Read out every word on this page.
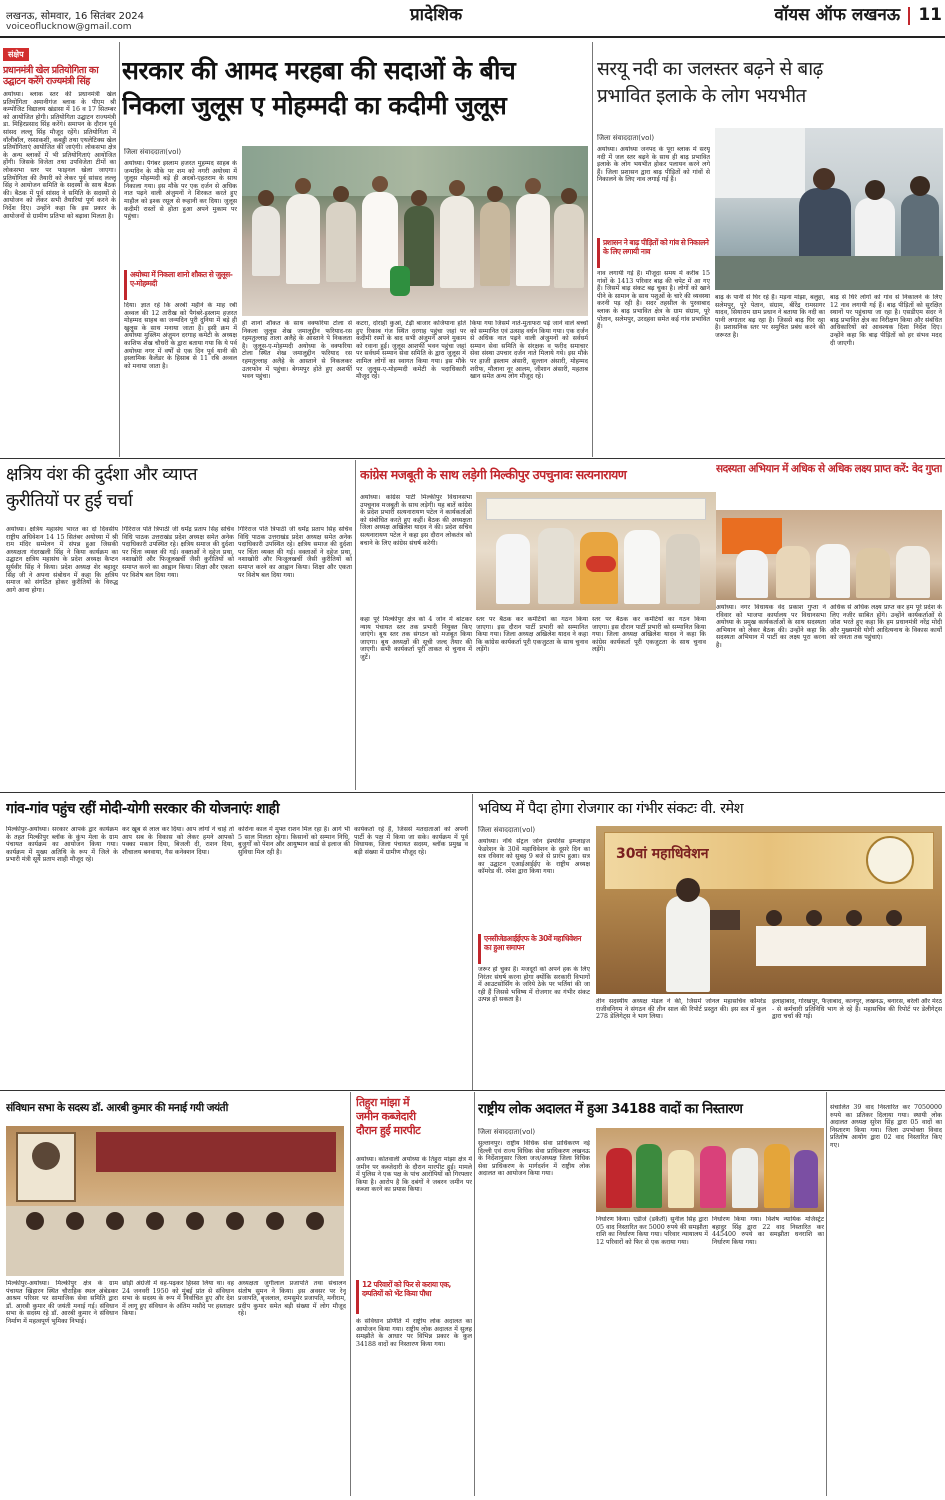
लखनऊ, सोमवार, 16 सितंबर 2024
voiceoflucknow@gmail.com
प्रादेशिक	वॉयस ऑफ लखनऊ 11
संक्षेप
प्रधानमंत्री खेल प्रतियोगिता का उद्घाटन करेंगे राज्यमंत्री सिंह
अयोध्या। ब्लाक स्तर की प्रधानमंत्री खेल प्रतियोगिता अमानीगंज ब्लाक के पीएम श्री कम्पोजिट विद्यालय खंडासा में 16 व 17 सितम्बर को आयोजित होगी। प्रतियोगिता उद्घाटन राज्यमंत्री डा. मिहिरप्रसाद सिंह करेंगे। समापन के दौरान पूर्व सांसद लल्लू सिंह मौजूद रहेंगे। प्रतियोगिता में वॉलीबॉल, रस्साकशी, कबड्डी तथा एथलेटिक्स खेल प्रतियोगिताएं आयोजित की जाएंगी। लोकसभा क्षेत्र के अन्य ब्लाकों में भी प्रतियोगिताएं आयोजित होंगी। जिसके विजेता तथा उपविजेता टीमों का लोकसभा स्तर पर फाइनल खेला जाएगा। प्रतियोगिता की तैयारी को लेकर पूर्व सांसद लल्लू सिंह ने आयोजन समिति के सदस्यों के साथ बैठक की। बैठक में पूर्व सांसद ने समिति के सदस्यों से आयोजन को लेकर सभी तैयारियां पूर्ण करने के निर्देश दिए। उन्होंने कहा कि इस प्रकार के आयोजनों से ग्रामीण प्रतिभा को बढ़ावा मिलता है।
सरकार की आमद मरहबा की सदाओं के बीच
निकला जुलूस ए मोहम्मदी का कदीमी जुलूस
जिला संवाददाता(vol)
अयोध्या। पैगंबर इस्लाम हजरत मुहम्मद साहब के जन्मदिन के मौके पर शम को नगरी अयोध्या में जुलूस मोहम्मदी बड़े ही अदबो-एहतराम के साथ निकाला गया। इस मौके पर एक दर्जन से अधिक नात पढ़ने वाली अंजुमनों ने शिरकत करते हुए माहौल को इश्क रसूल से रूहानी कर दिया। जुलूस कदीमी रास्तों से होता हुआ अपने मुकाम पर पहुंचा।
अयोध्या में निकला शानो शौकत से जुलूस-ए-मोहम्मदी
दिया। ज्ञात रहे कि अरबी महीने के माह रबी अव्वल की 12 तारीख को पैगंबरे-इस्लाम हजरत मोहम्मद साहब का जन्मदिन पूरी दुनिया में बड़े ही खुलूस के साथ मनाया जाता है। इसी क्रम में अयोध्या मुस्लिम अंजुमन दरगाह कमेटी के अध्यक्ष काशिफ शेख चौधरी के द्वारा बताया गया कि ये पर्व अयोध्या नगर में वर्षों से एक दिन पूर्व यानी की इस्लामिक कैलेंडर के हिसाब से 11 रबि अव्वल को मनाया जाता है।
ही शानो शौकत के साथ वक्फरिया टोला से निकला जुलूस शेख जमालुद्दीन फरियाद-रस रहमतुल्लाह ताला अलैहे के आस्ताने पे निकलता है। जुलूस-ए-मोहम्मदी अयोध्या के वक्फरिया टोला स्थित शेख जमालुद्दीन फरियाद रस रहमतुल्लाह अलैहे के आस्ताने से निकलकर उतरफोन में पहुंचा। बेगमपुर होते हुए अशर्फी भवन पहुंचा।
कटरा, दोराही कुआं, टेढ़ी बाजार कजियाना होते हुए रिकाब गंज स्थित दरगाह पहुंचा जहां पर कदीमी रस्मों के बाद सभी अंजुमनें अपने मुकाम को रवाना हुईं। जुलूस आशर्फी भवन पहुंचा जहां पर सर्वधर्म सम्मान सेवा समिति के द्वारा जुलूस में शामिल लोगों का स्वागत किया गया। इस मौके पर जुलूस-ए-मोहम्मदी कमेटी के पदाधिकारी मौजूद रहे।
किया गया जिसमें नाते-मुताफरा पढ़े जाने वाले बच्चों को सम्मानित एवं उत्साह वर्धन किया गया। एक दर्जन से अधिक नात पढ़ने वाली अंजुमनों को सर्वधर्म सम्मान सेवा समिति के संरक्षक व फरीद समाचार सेवा संस्था उपचार दर्जन नाते मिलाये गये। इस मौके पर हाजी इस्लाम अंसारी, सुल्तान अंसारी, मोहम्मद शरीफ, मौलाना नूर आलम, जीशान अंसारी, महताब खान समेत अन्य लोग मौजूद रहे।
सरयू नदी का जलस्तर बढ़ने से बाढ़
प्रभावित इलाके के लोग भयभीत
जिला संवाददाता(vol)
अयोध्या। अयोध्या जनपद के पूरा ब्लाक में सरयू नदी में जल स्तर बढ़ने के साथ ही बाढ़ प्रभावित इलाके के लोग भयभीत होकर पलायन करने लगे हैं। जिला प्रशासन द्वारा बाढ़ पीड़ितों को गांवों से निकालने के लिए नाव लगाई गई है।
प्रशासन ने बाढ़ पीड़ितों को गांव से निकालने के लिए लगायी नाव
नाव लगायी गई है। मौजूदा समय में करीब 15 गांवों के 1413 परिवार बाढ़ की चपेट में आ गए हैं। जिसमें बाढ़ संकट बढ़ चुका है। लोगों को खाने पीने के सामान के साथ पशुओं के चारे की व्यवस्था करनी पड़ रही है। सदर तहसील के पुरवाबाद ब्लाक के बाढ़ प्रभावित क्षेत्र के ग्राम संग्राम, पूरे पोतान, सलेमपुर, उरदहवा समेत कई गांव प्रभावित हैं।
बाढ़ के पानी से घिर रहे हैं। मड़ना मांझा, बलुहा, सलेमपुर, पूरे पेतान, संग्राम, बीरेंद्र रामसागर यादव, सियाराम ग्राम प्रधान ने बताया कि नदी का पानी लगातार बढ़ रहा है। जिससे बाढ़ घिर रहा है। प्रशासनिक स्तर पर समुचित प्रबंध करने की जरूरत है।
बाढ़ से घिरे लोगों को गांव से निकालने के लिए 12 नाव लगायी गई हैं। बाढ़ पीड़ितों को सुरक्षित स्थानों पर पहुंचाया जा रहा है। एसडीएम सदर ने बाढ़ प्रभावित क्षेत्र का निरीक्षण किया और संबंधित अधिकारियों को आवश्यक दिशा निर्देश दिए। उन्होंने कहा कि बाढ़ पीड़ितों को हर संभव मदद दी जाएगी।
क्षत्रिय वंश की दुर्दशा और व्याप्त
कुरीतियों पर हुई चर्चा
अयोध्या। क्षत्रिय महासंघ भारत का दो दिवसीय राष्ट्रीय अधिवेशन 14 15 सितंबर अयोध्या में श्री राम मंदिर सम्मेलन में संपन्न हुआ जिसकी अध्यक्षता गंदरखली सिंह ने किया कार्यक्रम का उद्घाटन क्षत्रिय महासंघ के प्रदेश अध्यक्ष कैप्टन सूर्यवीर सिंह ने किया। प्रदेश अध्यक्ष शेर बहादुर सिंह जी ने अपना संबोधन में कहा कि क्षत्रिय समाज को संगठित होकर कुरीतियों के विरुद्ध आगे आना होगा।
गिरिराज पति त्रिपाठी जी धर्मेंद्र प्रताप सिंह सचिव विधि पाठक उत्तराखंड प्रदेश अध्यक्ष समेत अनेक पदाधिकारी उपस्थित रहे। क्षत्रिय समाज की दुर्दशा पर चिंता व्यक्त की गई। वक्ताओं ने दहेज प्रथा, नशाखोरी और फिजूलखर्ची जैसी कुरीतियों को समाप्त करने का आह्वान किया। शिक्षा और एकता पर विशेष बल दिया गया।
गिरिराज पति त्रिपाठी जी धर्मेंद्र प्रताप सिंह सचिव विधि पाठक उत्तराखंड प्रदेश अध्यक्ष समेत अनेक पदाधिकारी उपस्थित रहे। क्षत्रिय समाज की दुर्दशा पर चिंता व्यक्त की गई। वक्ताओं ने दहेज प्रथा, नशाखोरी और फिजूलखर्ची जैसी कुरीतियों को समाप्त करने का आह्वान किया। शिक्षा और एकता पर विशेष बल दिया गया।
कांग्रेस मजबूती के साथ लड़ेगी मिल्कीपुर उपचुनावः सत्यनारायण
अयोध्या। कांग्रेस पार्टी मिल्कीपुर विधानसभा उपचुनाव मजबूती के साथ लड़ेगी। यह बातें कांग्रेस के प्रदेश प्रभारी सत्यनारायण पटेल ने कार्यकर्ताओं को संबोधित करते हुए कहीं। बैठक की अध्यक्षता जिला अध्यक्ष अखिलेश यादव ने की। प्रदेश सचिव सत्यनारायण पटेल ने कहा इस दौरान लोकतंत्र को बचाने के लिए कांग्रेस संघर्ष करेगी।
कहा पूरे मिल्कीपुर क्षेत्र को 4 जोन में बांटकर न्याय पंचायत स्तर तक प्रभारी नियुक्त किए जाएंगे। बूथ स्तर तक संगठन को मजबूत किया जाएगा। बूथ अध्यक्षों की सूची जल्द तैयार की जाएगी। सभी कार्यकर्ता पूरी ताकत से चुनाव में जुटें।
स्तर पर बैठक कर कमेटियों का गठन किया जाएगा। इस दौरान पार्टी प्रभारी को सम्मानित किया गया। जिला अध्यक्ष अखिलेश यादव ने कहा कि कांग्रेस कार्यकर्ता पूरी एकजुटता के साथ चुनाव लड़ेंगे।
स्तर पर बैठक कर कमेटियों का गठन किया जाएगा। इस दौरान पार्टी प्रभारी को सम्मानित किया गया। जिला अध्यक्ष अखिलेश यादव ने कहा कि कांग्रेस कार्यकर्ता पूरी एकजुटता के साथ चुनाव लड़ेंगे।
सदस्यता अभियान में अधिक से अधिक लक्ष्य प्राप्त करें: वेद गुप्ता
अयोध्या। नगर विधायक वेद प्रकाश गुप्ता ने रविवार को भाजपा कार्यालय पर विधानसभा अयोध्या के प्रमुख कार्यकर्ताओं के साथ सदस्यता अभियान को लेकर बैठक की। उन्होंने कहा कि सदस्यता अभियान में पार्टी का लक्ष्य पूरा करना है।
अधिक से अधिक लक्ष्य प्राप्त कर हम पूरे प्रदेश के लिए नजीर साबित होंगे। उन्होंने कार्यकर्ताओं से जोश भरते हुए कहा कि हम प्रधानमंत्री नरेंद्र मोदी और मुख्यमंत्री योगी आदित्यनाथ के विकास कार्यों को जनता तक पहुंचाएं।
गांव-गांव पहुंच रहीं मोदी-योगी सरकार की योजनाएंः शाही
मिल्कीपुर-अयोध्या। सरकार आपके द्वार कार्यक्रम के तहत मिल्कीपुर ब्लॉक के कुंभ मेला के ग्राम पंचायत कार्यक्रम का आयोजन किया गया। कार्यक्रम में मुख्य अतिथि के रूप में जिले के प्रभारी मंत्री सूर्य प्रताप शाही मौजूद रहे।
कर खूब से लाल कर दिया। आप लोगों ने चाहे तो आप सब के विकास को लेकर हमने आपको पक्का मकान दिया, बिजली दी, राशन दिया, शौचालय बनवाया, गैस कनेक्शन दिया।
कोरोना काल में मुफ्त राशन मिल रहा है। आगे भी 5 साल मिलता रहेगा। किसानों को सम्मान निधि, बुजुर्गों को पेंशन और आयुष्मान कार्ड से इलाज की सुविधा मिल रही है।
कार्यकर्ता रहे हैं, जिससे मतदाताओं को अपनी पार्टी के पक्ष में किया जा सके। कार्यक्रम में पूर्व विधायक, जिला पंचायत सदस्य, ब्लॉक प्रमुख व बड़ी संख्या में ग्रामीण मौजूद रहे।
भविष्य में पैदा होगा रोजगार का गंभीर संकटः वी. रमेश
जिला संवाददाता(vol)
अयोध्या। नॉर्थ सेंट्रल जोन इंश्योरेंस इम्प्लाइज फेडरेशन के 30वें महाधिवेशन के दूसरे दिन का सत्र रविवार को सुबह 9 बजे से प्रारंभ हुआ। सत्र का उद्घाटन एआईआईईए के राष्ट्रीय अध्यक्ष कॉमरेड वी. रमेश द्वारा किया गया।
एनसीजेडआईईएफ के 30वें महाधिवेशन का हुआ समापन
जरूर हो चुका है। मजदूरों को अपने हक के लिए निरंतर संघर्ष करना होगा क्योंकि सरकारी विभागों में आउटसोर्सिंग के जरिये ठेके पर भर्तियां की जा रही हैं जिससे भविष्य में रोजगार का गंभीर संकट उत्पन्न हो सकता है।
30वां महाधिवेशन
तीन सदस्यीय अध्यक्ष मंडल ने की, जिसमें जोनल महासचिव कॉमरेड राजीवनिगम ने संगठन की तीन साल की रिपोर्ट प्रस्तुत की। इस सत्र में कुल 278 डेलिगेट्स ने भाग लिया।
इलाहाबाद, गोरखपुर, फैज़ाबाद, कानपुर, लखनऊ, बनारस, बरेली और मेरठ - से कर्मचारी प्रतिनिधि भाग ले रहे हैं। महासचिव की रिपोर्ट पर डेलीगेट्स द्वारा चर्चा की गई।
संविधान सभा के सदस्य डॉ. आरबी कुमार की मनाई गयी जयंती
मिल्कीपुर-अयोध्या। मिल्कीपुर क्षेत्र के ग्राम पंचायत खिहारन स्थित चौराहिक स्थल अंबेडकर आश्रम परिसर पर सामाजिक सेवा समिति द्वारा डॉ. आरबी कुमार की जयंती मनाई गई। संविधान सभा के सदस्य रहे डॉ. आरबी कुमार ने संविधान निर्माण में महत्वपूर्ण भूमिका निभाई।
छोड़ी अंग्रेजी में वह-पढ़कर हिस्सा लिया था। वह 24 जनवरी 1950 को मुंबई प्रांत से संविधान सभा के सदस्य के रूप में निर्वाचित हुए और देश में लागू हुए संविधान के अंतिम मसौदे पर हस्ताक्षर किया।
अध्यक्षता जुगीलाल प्रजापति तथा संचालन संतोष सुमन ने किया। इस अवसर पर रेनू प्रजापति, बृजलाल, रामसुमेर प्रजापति, मनीराम, प्रदीप कुमार समेत बड़ी संख्या में लोग मौजूद रहे।
तिहुरा मांझा में
जमीन कब्जेदारी
दौरान हुई मारपीट
अयोध्या। कोतवाली अयोध्या के तिहुरा मांझा क्षेत्र में जमीन पर कब्जेदारी के दौरान मारपीट हुई। मामले में पुलिस ने एक पक्ष के पांच आरोपियों को गिरफ्तार किया है। आरोप है कि दबंगों ने जबरन जमीन पर कब्जा करने का प्रयास किया।
12 परिवारों को फिर से कराया एक, दम्पतियों को भेंट किया पौधा
के संविधान प्रणिति में राष्ट्रीय लोक अदालत का आयोजन किया गया। राष्ट्रीय लोक अदालत में सुलह समझौते के आधार पर विभिन्न प्रकार के कुल 34188 वादों का निस्तारण किया गया।
राष्ट्रीय लोक अदालत में हुआ 34188 वादों का निस्तारण
जिला संवाददाता(vol)
सुल्तानपुर। राष्ट्रीय विधिक सेवा प्राधिकरण नई दिल्ली एवं राज्य विधिक सेवा प्राधिकरण लखनऊ के निर्देशानुसार जिला जज/अध्यक्ष जिला विधिक सेवा प्राधिकरण के मार्गदर्शन में राष्ट्रीय लोक अदालत का आयोजन किया गया।
निर्धारण किया। एडीजे (डकैती) सुनील सिंह द्वारा 05 वाद निस्तारित कर 5000 रुपये की समझौता राशि का निर्धारण किया गया। परिवार न्यायालय में 12 परिवारों को फिर से एक कराया गया।
निर्धारण किया गया। विशेष न्यायिक मजिस्ट्रेट बहादुर सिंह द्वारा 22 वाद निस्तारित कर 445400 रुपये का समझौता धनराशि का निर्धारण किया गया।
संचालित 39 वाद निस्तारित कर 7050000 रुपये का प्रतिकर दिलाया गया। स्थायी लोक अदालत अध्यक्ष सुरेश सिंह द्वारा 05 वादों का निस्तारण किया गया। जिला उपभोक्ता विवाद प्रतितोष आयोग द्वारा 02 वाद निस्तारित किए गए।
